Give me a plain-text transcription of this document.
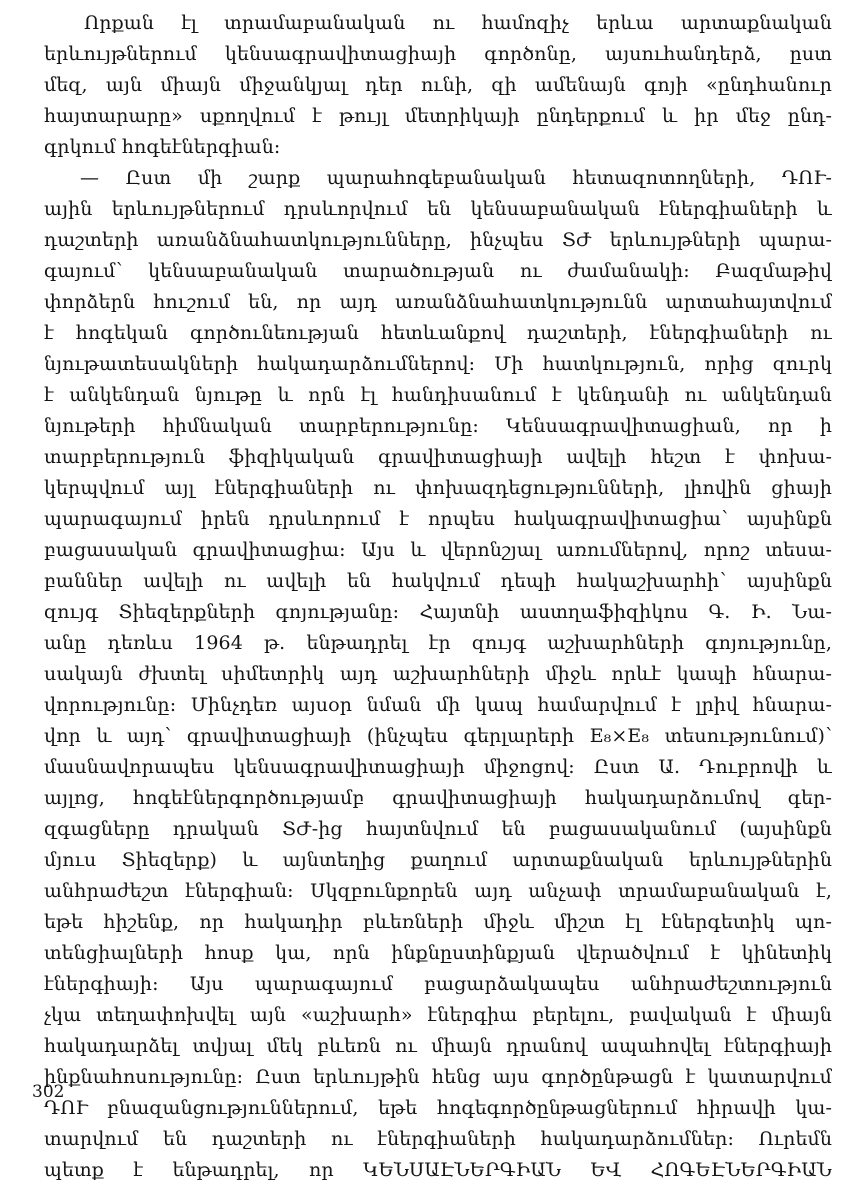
Որքան էլ տրամաբանական ու համոզիչ երևա արտաքնական
երևույթներում կենսագրավիտացիայի գործոնը, այսուհանդերձ, ըստ
մեզ, այն միայն միջանկյալ դեր ունի, զի ամենայն գոյի «ընդհանուր
հայտարարը» սքողվում է թույլ մետրիկայի ընդերքում և իր մեջ ընդ-
գրկում հոգեէներգիան:
— Ըստ մի շարք պարահոգեբանական հետազոտողների, ԴՈՒ-
ային երևույթներում դրսևորվում են կենսաբանական էներգիաների և
դաշտերի առանձնահատկությունները, ինչպես ՏԺ երևույթների պարա-
գայում՝ կենսաբանական տարածության ու ժամանակի: Բազմաթիվ
փորձերն հուշում են, որ այդ առանձնահատկությունն արտահայտվում
է հոգեկան գործունեության հետևանքով դաշտերի, էներգիաների ու
նյութատեսակների հակադարձումներով: Մի հատկություն, որից զուրկ
է անկենդան նյութը և որն էլ հանդիսանում է կենդանի ու անկենդան
նյութերի հիմնական տարբերությունը: Կենսագրավիտացիան, որ ի
տարբերություն ֆիզիկական գրավիտացիայի ավելի հեշտ է փոխա-
կերպվում այլ էներգիաների ու փոխազդեցությունների, լիովին ցիայի
պարագայում իրեն դրսևորում է որպես հակագրավիտացիա՝ այսինքն
բացասական գրավիտացիա: Այս և վերոնշյալ առումներով, որոշ տեսա-
բաններ ավելի ու ավելի են հակվում դեպի հակաշխարհի՝ այսինքն
զույգ Տիեզերքների գոյությանը: Հայտնի աստղաֆիզիկոս Գ. Ի. Նա-
անը դեռևս 1964 թ. ենթադրել էր զույգ աշխարհների գոյությունը,
սակայն ժխտել սիմետրիկ այդ աշխարհների միջև որևէ կապի հնարա-
վորությունը: Մինչդեռ այսօր նման մի կապ համարվում է լրիվ հնարա-
վոր և այդ՝ գրավիտացիայի (ինչպես գերլարերի E₈×E₈ տեսությունում)՝
մասնավորապես կենսագրավիտացիայի միջոցով: Ըստ Ա. Դուբրովի և
այլոց, հոգեէներգործությամբ գրավիտացիայի հակադարձումով գեր-
զգացները դրական ՏԺ-ից հայտնվում են բացասականում (այսինքն
մյուս Տիեզերք) և այնտեղից քաղում արտաքնական երևույթներին
անհրաժեշտ էներգիան: Սկզբունքորեն այդ անչափ տրամաբանական է,
եթե հիշենք, որ հակադիր բևեռների միջև միշտ էլ էներգետիկ պո-
տենցիալների հոսք կա, որն ինքնըստինքյան վերածվում է կինետիկ
էներգիայի: Այս պարագայում բացարձակապես անհրաժեշտություն
չկա տեղափոխվել այն «աշխարհ» էներգիա բերելու, բավական է միայն
հակադարձել տվյալ մեկ բևեռն ու միայն դրանով ապահովել էներգիայի
ինքնահոսությունը: Ըստ երևույթին հենց այս գործընթացն է կատարվում
ԴՈՒ բնազանցություններում, եթե հոգեգործընթացներում հիրավի կա-
տարվում են դաշտերի ու էներգիաների հակադարձումներ: Ուրեմն
պետք է ենթադրել, որ ԿԵՆՍԱԷՆԵՐԳԻԱՆ ԵՎ ՀՈԳԵԷՆԵՐԳԻԱՆ
302
